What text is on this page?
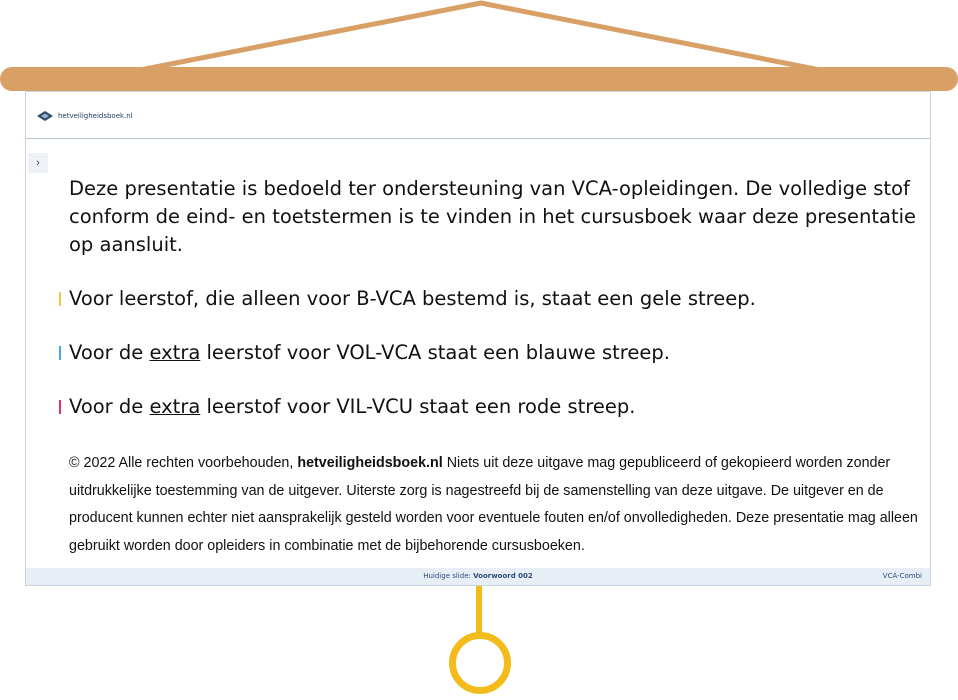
hetveiligheidsboek.nl
›

Deze presentatie is bedoeld ter ondersteuning van VCA-opleidingen. De volledige stof conform de eind- en toetstermen is te vinden in het cursusboek waar deze presentatie op aansluit.

Voor leerstof, die alleen voor B-VCA bestemd is, staat een gele streep.
Voor de extra leerstof voor VOL-VCA staat een blauwe streep.
Voor de extra leerstof voor VIL-VCU staat een rode streep.
© 2022 Alle rechten voorbehouden, hetveiligheidsboek.nl Niets uit deze uitgave mag gepubliceerd of gekopieerd worden zonder uitdrukkelijke toestemming van de uitgever. Uiterste zorg is nagestreefd bij de samenstelling van deze uitgave. De uitgever en de producent kunnen echter niet aansprakelijk gesteld worden voor eventuele fouten en/of onvolledigheden. Deze presentatie mag alleen gebruikt worden door opleiders in combinatie met de bijbehorende cursusboeken.
Huidige slide: Voorwoord 002	VCA-Combi
